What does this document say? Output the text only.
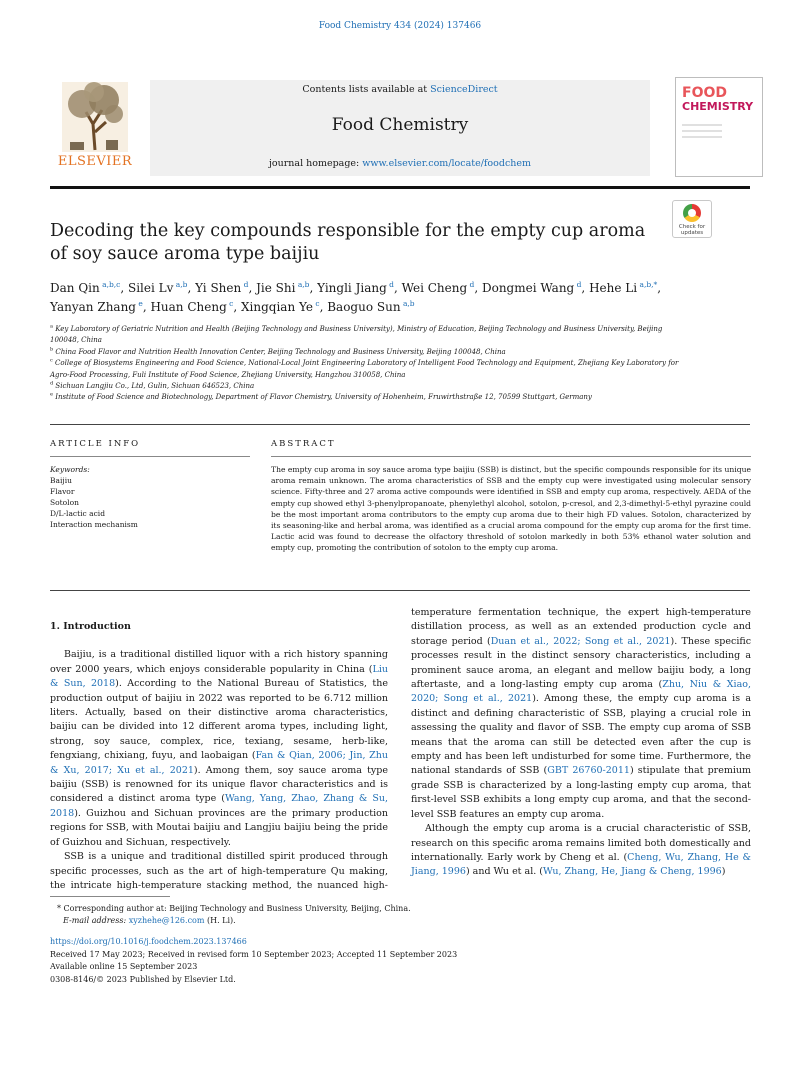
Food Chemistry 434 (2024) 137466
ELSEVIER
Contents lists available at ScienceDirect
Food Chemistry
journal homepage: www.elsevier.com/locate/foodchem
FOOD
CHEMISTRY
Decoding the key compounds responsible for the empty cup aroma of soy sauce aroma type baijiu
Check for updates
Dan Qin $^{a,b,c}$, Silei Lv $^{a,b}$, Yi Shen $^d$, Jie Shi $^{a,b}$, Yingli Jiang $^d$, Wei Cheng $^d$, Dongmei Wang $^d$, Hehe Li $^{a,b,*}$, Yanyan Zhang $^e$, Huan Cheng $^c$, Xingqian Ye $^c$, Baoguo Sun $^{a,b}$
$^a$ Key Laboratory of Geriatric Nutrition and Health (Beijing Technology and Business University), Ministry of Education, Beijing Technology and Business University, Beijing 100048, China
$^b$ China Food Flavor and Nutrition Health Innovation Center, Beijing Technology and Business University, Beijing 100048, China
$^c$ College of Biosystems Engineering and Food Science, National-Local Joint Engineering Laboratory of Intelligent Food Technology and Equipment, Zhejiang Key Laboratory for Agro-Food Processing, Fuli Institute of Food Science, Zhejiang University, Hangzhou 310058, China
$^d$ Sichuan Langjiu Co., Ltd, Gulin, Sichuan 646523, China
$^e$ Institute of Food Science and Biotechnology, Department of Flavor Chemistry, University of Hohenheim, Fruwirthstraße 12, 70599 Stuttgart, Germany
ARTICLE INFO	ABSTRACT
Keywords:
Baijiu
Flavor
Sotolon
D/L-lactic acid
Interaction mechanism
The empty cup aroma in soy sauce aroma type baijiu (SSB) is distinct, but the specific compounds responsible for its unique aroma remain unknown. The aroma characteristics of SSB and the empty cup were investigated using molecular sensory science. Fifty-three and 27 aroma active compounds were identified in SSB and empty cup aroma, respectively. AEDA of the empty cup showed ethyl 3-phenylpropanoate, phenylethyl alcohol, sotolon, p-cresol, and 2,3-dimethyl-5-ethyl pyrazine could be the most important aroma contributors to the empty cup aroma due to their high FD values. Sotolon, characterized by its seasoning-like and herbal aroma, was identified as a crucial aroma compound for the empty cup aroma for the first time. Lactic acid was found to decrease the olfactory threshold of sotolon markedly in both 53% ethanol water solution and empty cup, promoting the contribution of sotolon to the empty cup aroma.
1. Introduction

Baijiu, is a traditional distilled liquor with a rich history spanning over 2000 years, which enjoys considerable popularity in China (Liu & Sun, 2018). According to the National Bureau of Statistics, the production output of baijiu in 2022 was reported to be 6.712 million liters. Actually, based on their distinctive aroma characteristics, baijiu can be divided into 12 different aroma types, including light, strong, soy sauce, complex, rice, texiang, sesame, herb-like, fengxiang, chixiang, fuyu, and laobaigan (Fan & Qian, 2006; Jin, Zhu & Xu, 2017; Xu et al., 2021). Among them, soy sauce aroma type baijiu (SSB) is renowned for its unique flavor characteristics and is considered a distinct aroma type (Wang, Yang, Zhao, Zhang & Su, 2018). Guizhou and Sichuan provinces are the primary production regions for SSB, with Moutai baijiu and Langjiu baijiu being the pride of Guizhou and Sichuan, respectively.

SSB is a unique and traditional distilled spirit produced through specific processes, such as the art of high-temperature Qu making, the intricate high-temperature stacking method, the nuanced high-

temperature fermentation technique, the expert high-temperature distillation process, as well as an extended production cycle and storage period (Duan et al., 2022; Song et al., 2021). These specific processes result in the distinct sensory characteristics, including a prominent sauce aroma, an elegant and mellow baijiu body, a long aftertaste, and a long-lasting empty cup aroma (Zhu, Niu & Xiao, 2020; Song et al., 2021). Among these, the empty cup aroma is a distinct and defining characteristic of SSB, playing a crucial role in assessing the quality and flavor of SSB. The empty cup aroma of SSB means that the aroma can still be detected even after the cup is empty and has been left undisturbed for some time. Furthermore, the national standards of SSB (GBT 26760-2011) stipulate that premium grade SSB is characterized by a long-lasting empty cup aroma, that first-level SSB exhibits a long empty cup aroma, and that the second-level SSB features an empty cup aroma.

Although the empty cup aroma is a crucial characteristic of SSB, research on this specific aroma remains limited both domestically and internationally. Early work by Cheng et al. (Cheng, Wu, Zhang, He & Jiang, 1996) and Wu et al. (Wu, Zhang, He, Jiang & Cheng, 1996)

* Corresponding author at: Beijing Technology and Business University, Beijing, China.
E-mail address: xyzhehe@126.com (H. Li).
https://doi.org/10.1016/j.foodchem.2023.137466
Received 17 May 2023; Received in revised form 10 September 2023; Accepted 11 September 2023
Available online 15 September 2023
0308-8146/© 2023 Published by Elsevier Ltd.
